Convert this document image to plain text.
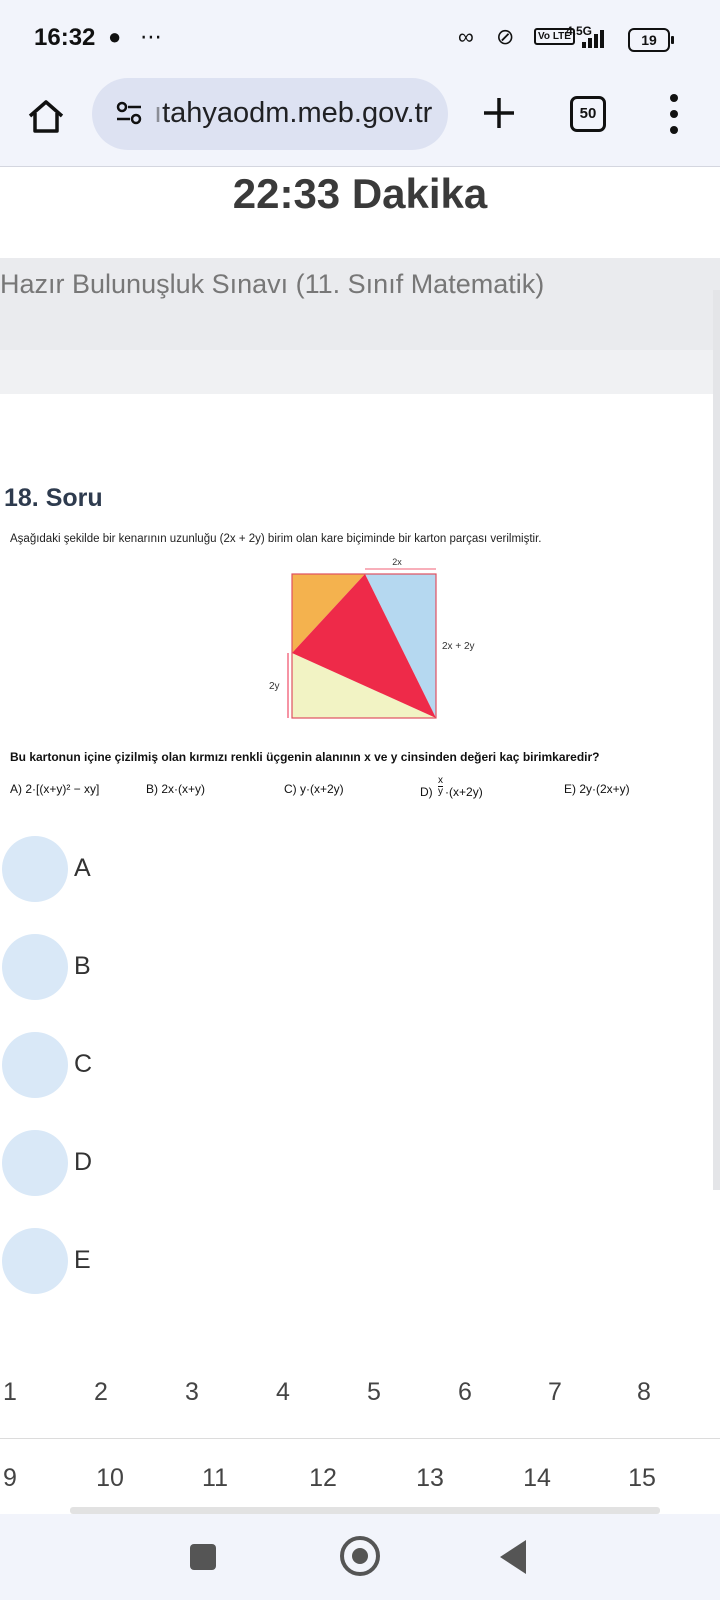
16:32 ● ⋯	∞ ⊘	Vo LTE
4.5G
19
ıtahyaodm.meb.gov.tr	50
22:33 Dakika
Hazır Bulunuşluk Sınavı (11. Sınıf Matematik)
18. Soru
Aşağıdaki şekilde bir kenarının uzunluğu (2x + 2y) birim olan kare biçiminde bir karton parçası verilmiştir.
2x
2x + 2y
2y
Bu kartonun içine çizilmiş olan kırmızı renkli üçgenin alanının x ve y cinsinden değeri kaç birimkaredir?
A) 2·[(x+y)² − xy]	B) 2x·(x+y)	C) y·(x+2y)	$D) \frac{x}{y} \cdot(x+2y)$	E) 2y·(2x+y)
A
B
C
D
E
1	2	3	4	5	6	7	8
9	10	11	12	13	14	15
